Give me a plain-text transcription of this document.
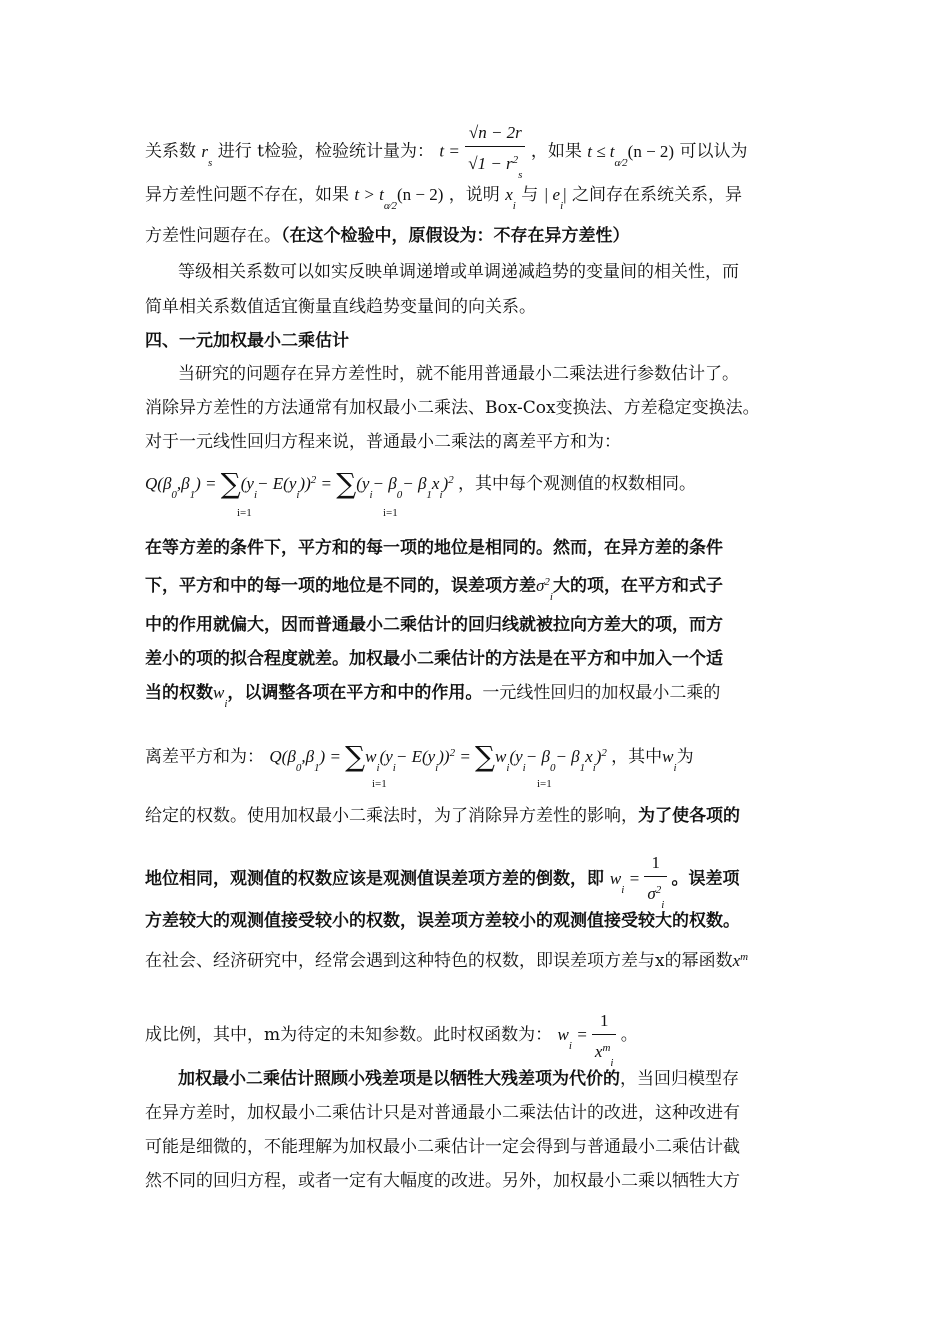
关系数 $r_s$ 进行 t检验，检验统计量为： $t = \frac{√n - 2r}{√1 - r^2_s}$ ，如果 $t \le t_{\alpha⁄2}(n - 2)$ 可以认为
异方差性问题不存在，如果 $t > t_{\alpha⁄2}(n - 2)$ ，说明 $x_i$ 与 | $e_i|$ 之间存在系统关系，异
方差性问题存在。（在这个检验中，原假设为：不存在异方差性）
等级相关系数可以如实反映单调递增或单调递减趋势的变量间的相关性，而
简单相关系数值适宜衡量直线趋势变量间的向关系。
四、一元加权最小二乘估计
当研究的问题存在异方差性时，就不能用普通最小二乘法进行参数估计了。
消除异方差性的方法通常有加权最小二乘法、Box-Cox变换法、方差稳定变换法。
对于一元线性回归方程来说，普通最小二乘法的离差平方和为：
$Q(\beta_0,\beta_1) = \sum(y_i- E(y_i))^2 = \sum(y_i- \beta_0- \beta_1x_i)^2$ ，其中每个观测值的权数相同。
i=1	i=1
在等方差的条件下，平方和的每一项的地位是相同的。然而，在异方差的条件
下，平方和中的每一项的地位是不同的，误差项方差$\sigma^2_i$大的项，在平方和式子
中的作用就偏大，因而普通最小二乘估计的回归线就被拉向方差大的项，而方
差小的项的拟合程度就差。加权最小二乘估计的方法是在平方和中加入一个适
当的权数$w_i$，以调整各项在平方和中的作用。一元线性回归的加权最小二乘的
离差平方和为： $Q(\beta_0,\beta_1) = \sum w_i(y_i- E(y_i))^2 = \sum w_i(y_i- \beta_0- \beta_1x_i)^2$ ，其中$w_i$为
i=1	i=1
给定的权数。使用加权最小二乘法时，为了消除异方差性的影响，为了使各项的
地位相同，观测值的权数应该是观测值误差项方差的倒数，即 $w_i = \frac{1}{\sigma^2_i}$ 。误差项
方差较大的观测值接受较小的权数，误差项方差较小的观测值接受较大的权数。
在社会、经济研究中，经常会遇到这种特色的权数，即误差项方差与x的幂函数$x^m$
成比例，其中，m为待定的未知参数。此时权函数为： $w_i = \frac{1}{x^m_i}$ 。
加权最小二乘估计照顾小残差项是以牺牲大残差项为代价的，当回归模型存
在异方差时，加权最小二乘估计只是对普通最小二乘法估计的改进，这种改进有
可能是细微的，不能理解为加权最小二乘估计一定会得到与普通最小二乘估计截
然不同的回归方程，或者一定有大幅度的改进。另外，加权最小二乘以牺牲大方
